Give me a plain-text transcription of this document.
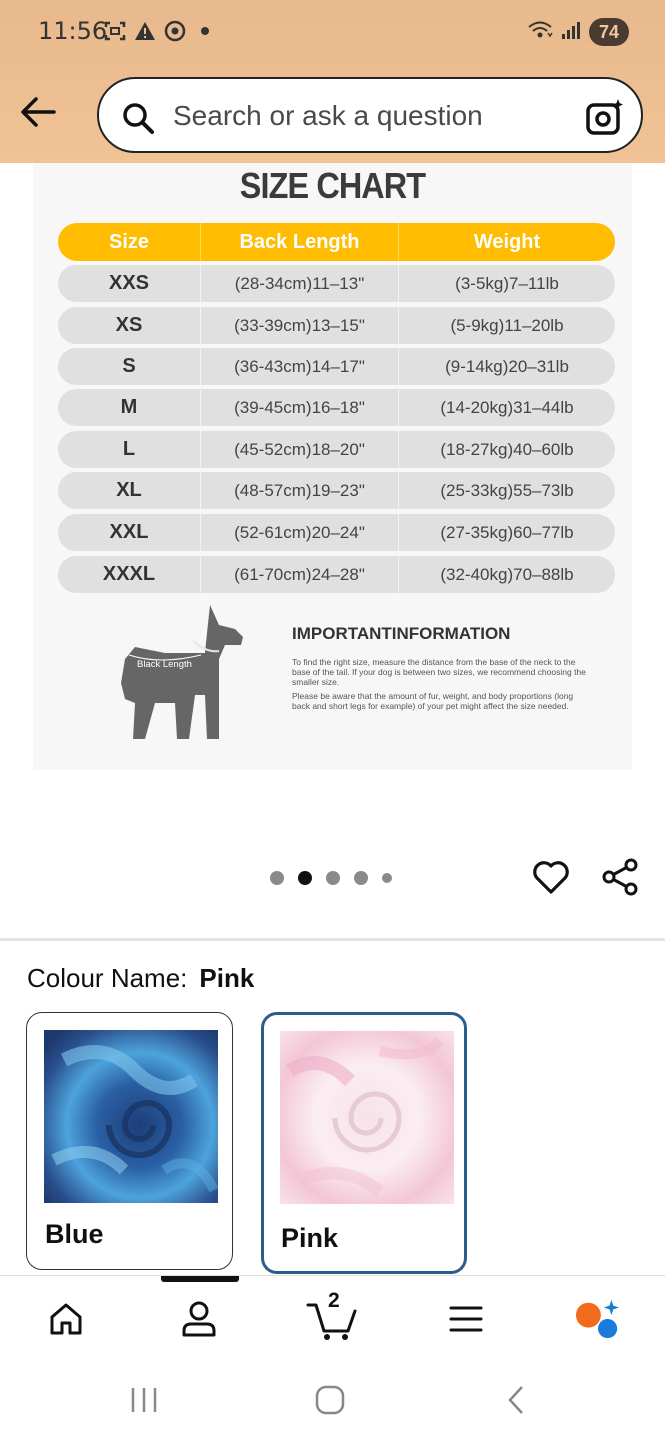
11:56	74
Search or ask a question
SIZE CHART
Size	Back Length	Weight
XXS	(28-34cm)11–13"	(3-5kg)7–11lb
XS	(33-39cm)13–15"	(5-9kg)11–20lb
S	(36-43cm)14–17"	(9-14kg)20–31lb
M	(39-45cm)16–18"	(14-20kg)31–44lb
L	(45-52cm)18–20"	(18-27kg)40–60lb
XL	(48-57cm)19–23"	(25-33kg)55–73lb
XXL	(52-61cm)20–24"	(27-35kg)60–77lb
XXXL	(61-70cm)24–28"	(32-40kg)70–88lb
Black Length
IMPORTANTINFORMATION

To find the right size, measure the distance from the base of the neck to the base of the tail. If your dog is between two sizes, we recommend choosing the smaller size.

Please be aware that the amount of fur, weight, and body proportions (long back and short legs for example) of your pet might affect the size needed.

Colour Name: Pink
Blue	Pink
2
